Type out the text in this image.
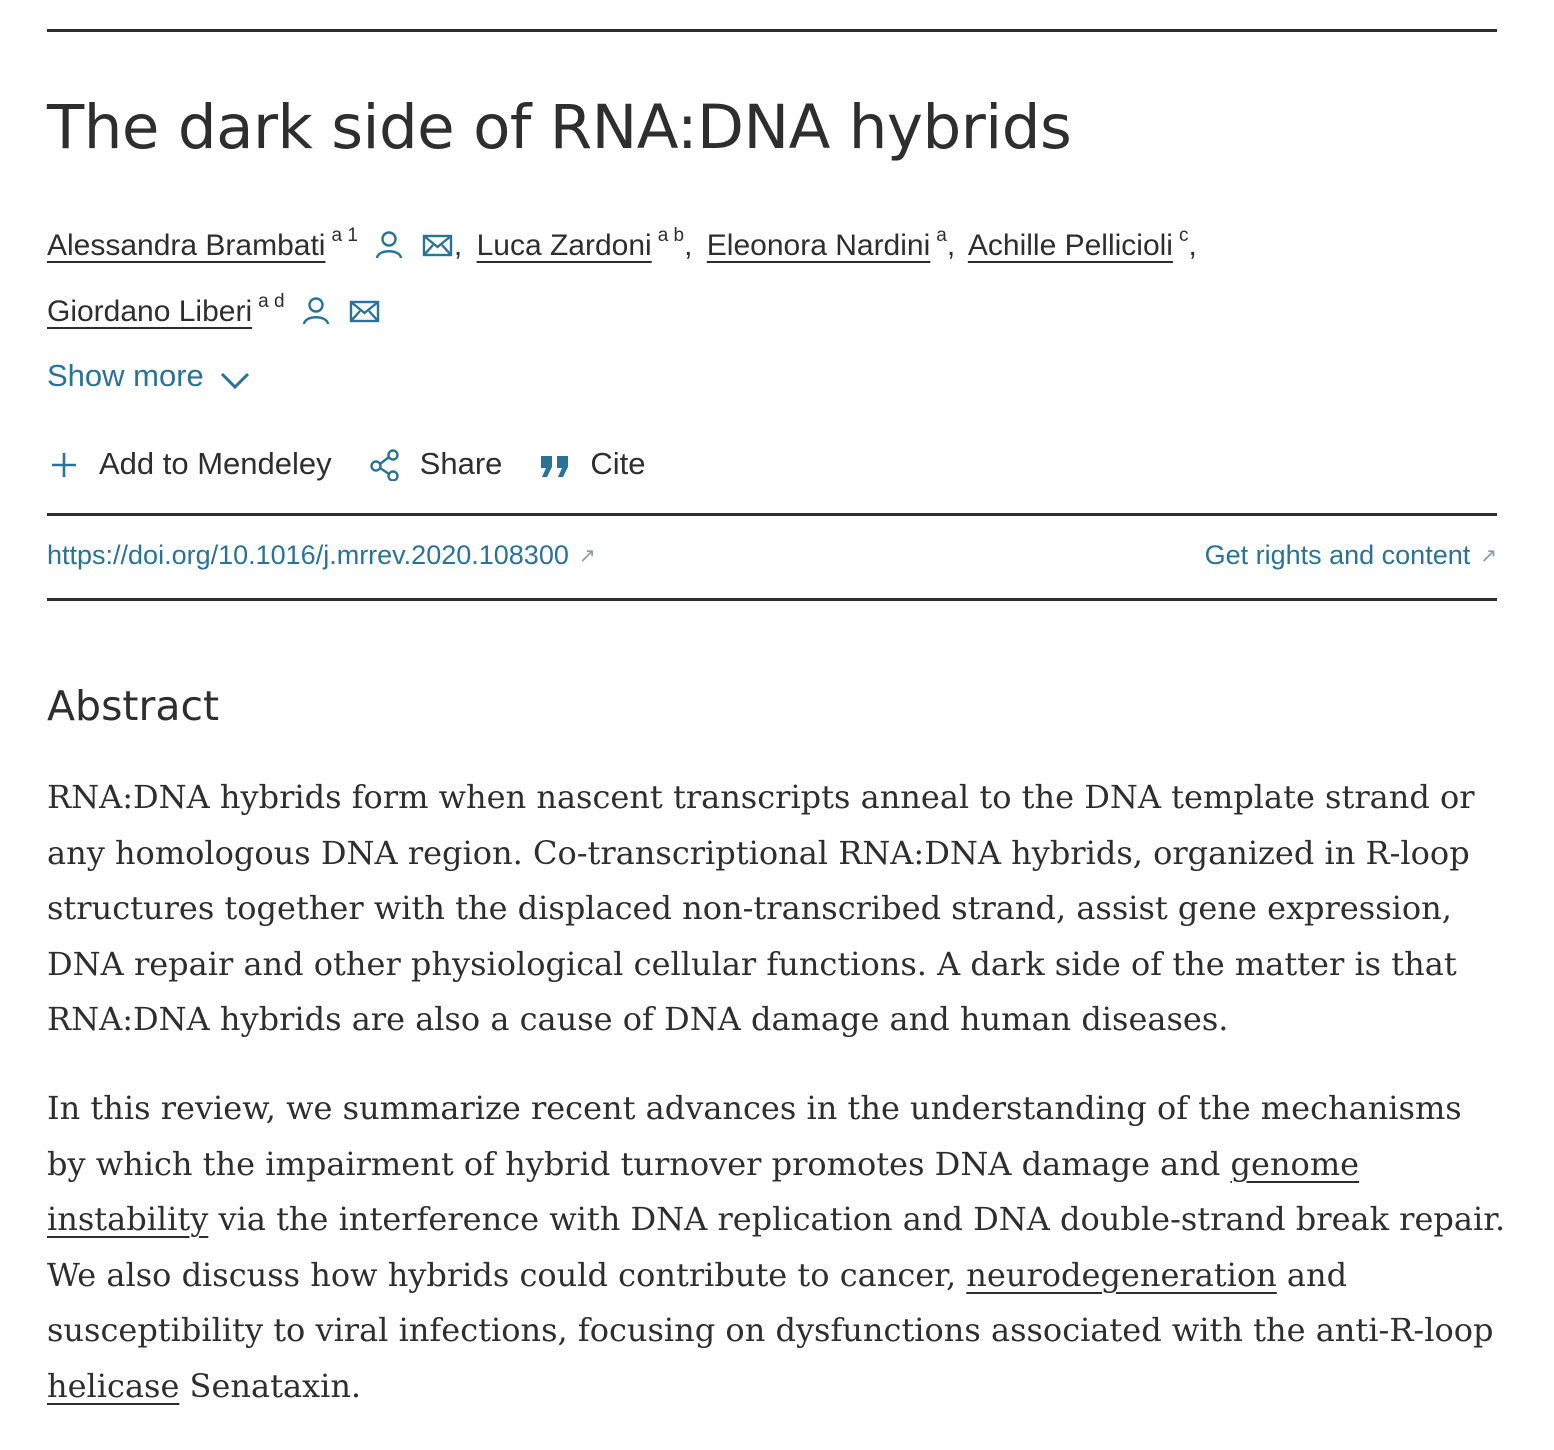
The dark side of RNA:DNA hybrids
Alessandra Brambati $^{a 1}$	, Luca Zardoni $^{a b}$, Eleonora Nardini $^a$, Achille Pellicioli $^c$,
Giordano Liberi $^{a d}$
Show more
Add to Mendeley	Share	Cite
https://doi.org/10.1016/j.mrrev.2020.108300 ↗	Get rights and content ↗
Abstract

RNA:DNA hybrids form when nascent transcripts anneal to the DNA template strand or any homologous DNA region. Co-transcriptional RNA:DNA hybrids, organized in R-loop structures together with the displaced non-transcribed strand, assist gene expression, DNA repair and other physiological cellular functions. A dark side of the matter is that RNA:DNA hybrids are also a cause of DNA damage and human diseases.

In this review, we summarize recent advances in the understanding of the mechanisms by which the impairment of hybrid turnover promotes DNA damage and genome instability via the interference with DNA replication and DNA double-strand break repair. We also discuss how hybrids could contribute to cancer, neurodegeneration and susceptibility to viral infections, focusing on dysfunctions associated with the anti-R-loop helicase Senataxin.
